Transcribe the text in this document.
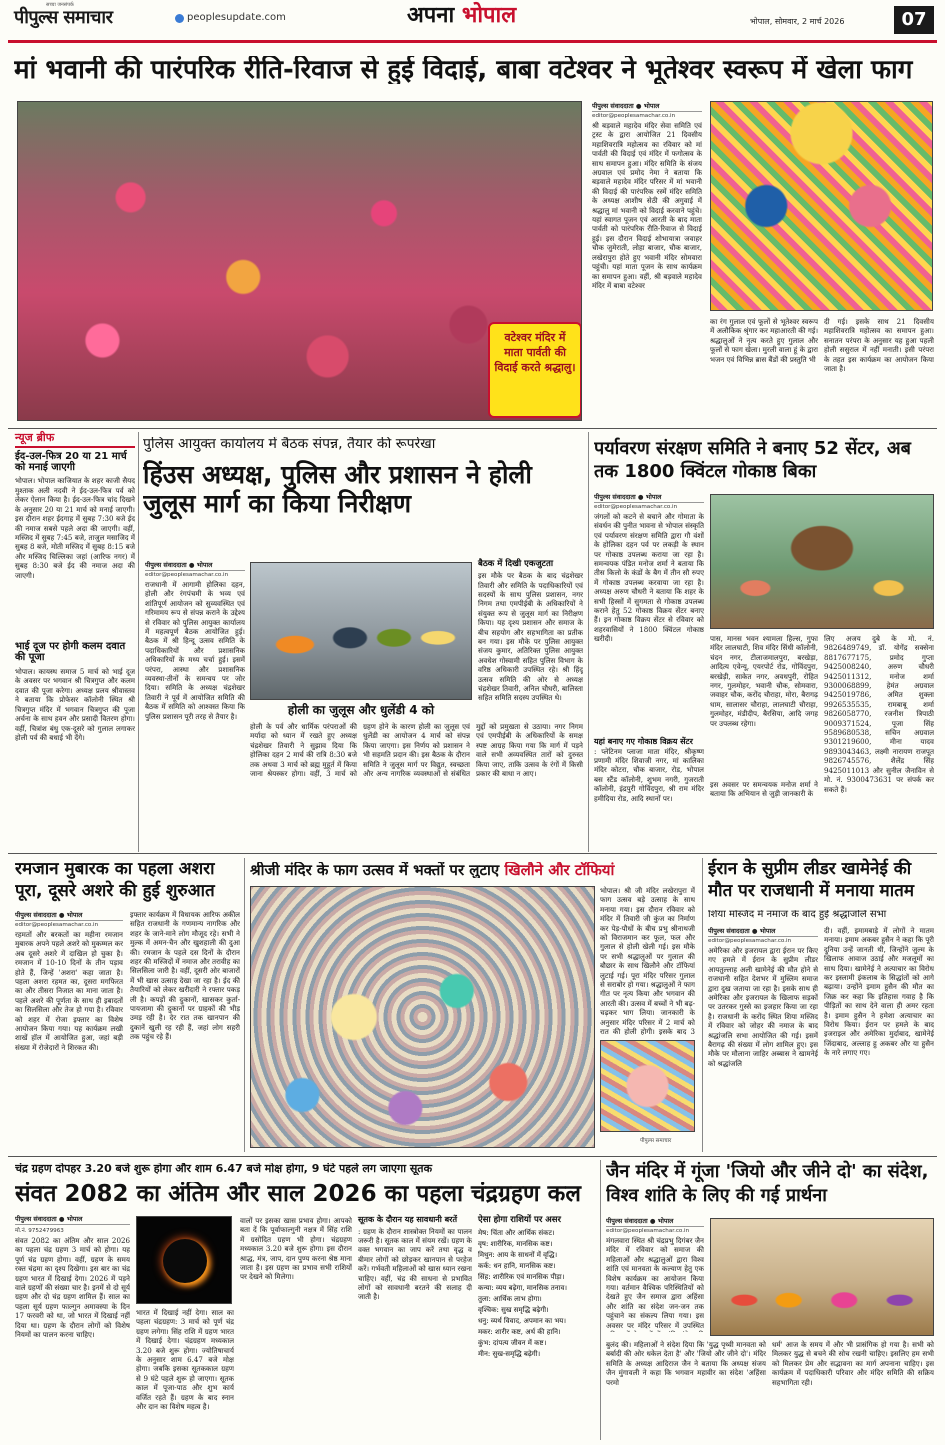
सच्चा जनसंपर्क
पीपुल्स समाचार	peoplesupdate.com	अपना भोपाल	भोपाल, सोमवार, 2 मार्च 2026	07
मां भवानी की पारंपरिक रीति-रिवाज से हुई विदाई, बाबा वटेश्वर ने भूतेश्वर स्वरूप में खेला फाग
वटेश्वर मंदिर में माता पार्वती की विदाई करते श्रद्धालु।
पीपुल्स संवाददाता ● भोपाल
editor@peoplesamachar.co.in
श्री बड़वाले महादेव मंदिर सेवा समिति एवं ट्रस्ट के द्वारा आयोजित 21 दिवसीय महाशिवरात्रि महोत्सव का रविवार को मां पार्वती की विदाई एवं मंदिर में फगोत्सव के साथ समापन हुआ। मंदिर समिति के संजय अग्रवाल एवं प्रमोद नेमा ने बताया कि बड़वाले महादेव मंदिर परिसर में मां भवानी की विदाई की पारंपरिक रस्में मंदिर समिति के अध्यक्ष आशीष सेठी की अगुवाई में श्रद्धालु मां भवानी को विदाई करवाने पहुंचे। यहां स्वागत पूजन एवं आरती के बाद माता पार्वती को पारंपरिक रीति-रिवाज से विदाई हुई। इस दौरान विदाई शोभायात्रा जवाहर चौक जुमेराती, लोहा बाजार, चौक बाजार, लखेरापुरा होते हुए भवानी मंदिर सोमवारा पहुंची। यहां माता पूजन के साथ कार्यक्रम का समापन हुआ। वहीं, श्री बड़वाले महादेव मंदिर में बाबा वटेश्वर
का रंग गुलाल एवं फूलों से भूतेश्वर स्वरूप में अलौकिक श्रृंगार कर महाआरती की गई। श्रद्धालुओं ने नृत्य करते हुए गुलाल और फूलों से फाग खेला। मुरली वाला हूं के द्वारा भजन एवं विभिन्न ब्रास बैंडों की प्रस्तुति भी
दी गई। इसके साथ 21 दिवसीय महाशिवरात्रि महोत्सव का समापन हुआ। सनातन परंपरा के अनुसार यह हुआ पहली होली ससुराल में नहीं मनाती। इसी परंपरा के तहत इस कार्यक्रम का आयोजन किया जाता है।
न्यूज ब्रीफ
ईद-उल-फित्र 20 या 21 मार्च को मनाई जाएगी
भोपाल। भोपाल काजियात के शहर काजी सैयद मुश्ताक अली नदवी ने ईद-उल-फित्र पर्व को लेकर ऐलान किया है। ईद-उल-फित्र चांद दिखने के अनुसार 20 या 21 मार्च को मनाई जाएगी। इस दौरान शहर ईदगाह में सुबह 7:30 बजे ईद की नमाज सबसे पहले अदा की जाएगी। वहीं, मस्जिद में सुबह 7:45 बजे, ताजुल मसाजिद में सुबह 8 बजे, मोती मस्जिद में सुबह 8:15 बजे और मस्जिद चिल्लिका जहां (आरिफ नगर) में सुबह 8:30 बजे ईद की नमाज अदा की जाएगी।
भाई दूज पर होगी कलम दवात की पूजा
भोपाल। कायस्थ समाज 5 मार्च को भाई दूज के अवसर पर भगवान श्री चित्रगुप्त और कलम दवात की पूजा करेगा। अध्यक्ष प्रलय श्रीवास्तव ने बताया कि प्रोफेसर कॉलोनी स्थित श्री चित्रगुप्त मंदिर में भगवान चित्रगुप्त की पूजा अर्चना के साथ हवन और प्रसादी वितरण होगा। वहीं, चित्रांश बंधु एक-दूसरे को गुलाल लगाकर होली पर्व की बधाई भी देंगे।
पुलिस आयुक्त कार्यालय में बैठक संपन्न, तैयार की रूपरेखा
हिंउस अध्यक्ष, पुलिस और प्रशासन ने होली जुलूस मार्ग का किया निरीक्षण
पीपुल्स संवाददाता ● भोपाल
editor@peoplesamachar.co.in
राजधानी में आगामी होलिका दहन, होली और रंगपंचमी के भव्य एवं शांतिपूर्ण आयोजन को सुव्यवस्थित एवं गरिमामय रूप से संपन्न कराने के उद्देश्य से रविवार को पुलिस आयुक्त कार्यालय में महत्वपूर्ण बैठक आयोजित हुई। बैठक में श्री हिन्दू उत्सव समिति के पदाधिकारियों और प्रशासनिक अधिकारियों के मध्य चर्चा हुई। इसमें परंपरा, आस्था और प्रशासनिक व्यवस्था-तीनों के समन्वय पर जोर दिया। समिति के अध्यक्ष चंद्रशेखर तिवारी ने पूर्व में आयोजित समिति की बैठक में समिति को आश्वस्त किया कि पुलिस प्रशासन पूरी तरह से तैयार है।
बैठक में दिखी एकजुटता
इस मौके पर बैठक के बाद चंद्रशेखर तिवारी और समिति के पदाधिकारियों एवं सदस्यों के साथ पुलिस प्रशासन, नगर निगम तथा एमपीईबी के अधिकारियों ने संयुक्त रूप से जुलूस मार्ग का निरीक्षण किया। यह दृश्य प्रशासन और समाज के बीच सहयोग और सहभागिता का प्रतीक बन गया। इस मौके पर पुलिस आयुक्त संजय कुमार, अतिरिक्त पुलिस आयुक्त अवधेश गोस्वामी सहित पुलिस विभाग के वरिष्ठ अधिकारी उपस्थित रहे। श्री हिंदू उत्सव समिति की ओर से अध्यक्ष चंद्रशेखर तिवारी, अनिल चौधरी, बालिस्ता सहित समिति सदस्य उपस्थित थे।
होली का जुलूस और धुलेंडी 4 को
होली के पर्व और धार्मिक परंपराओं की मर्यादा को ध्यान में रखते हुए अध्यक्ष चंद्रशेखर तिवारी ने सुझाव दिया कि होलिका दहन 2 मार्च की रात्रि 8:30 बजे तक अथवा 3 मार्च को ब्रह्म मुहूर्त में किया जाना श्रेयस्कर होगा। वहीं, 3 मार्च को ग्रहण होने के कारण होली का जुलूस एवं धुलेंडी का आयोजन 4 मार्च को संपन्न किया जाएगा। इस निर्णय को प्रशासन ने भी सहमति प्रदान की। इस बैठक के दौरान समिति ने जुलूस मार्ग पर विद्युत, स्वच्छता और अन्य नागरिक व्यवस्थाओं से संबंधित मुद्दों को प्रमुखता से उठाया। नगर निगम एवं एमपीईबी के अधिकारियों के समक्ष स्पष्ट आग्रह किया गया कि मार्ग में पड़ने वाले सभी अव्यवस्थित तारों को दुरुस्त किया जाए, ताकि उत्सव के रंगों में किसी प्रकार की बाधा न आए।
पर्यावरण संरक्षण समिति ने बनाए 52 सेंटर, अब तक 1800 क्विंटल गोकाष्ठ बिका
पीपुल्स संवाददाता ● भोपाल
editor@peoplesamachar.co.in
जंगलों को कटने से बचाने और गोमाता के संवर्धन की पुनीत भावना से भोपाल संस्कृति एवं पर्यावरण संरक्षण समिति द्वारा गौ वंशों के होलिका दहन पर्व पर लकड़ी के स्थान पर गोकाष्ठ उपलब्ध कराया जा रहा है। समन्वयक पंडित मनोज शर्मा ने बताया कि तीस किलो के कंडों के बैग में तीन सौ रुपए में गोकाष्ठ उपलब्ध करवाया जा रहा है। अध्यक्ष अरुण चौधरी ने बताया कि शहर के सभी हिस्सों में सुगमता से गोकाष्ठ उपलब्ध कराने हेतु 52 गोकाष्ठ विक्रय सेंटर बनाए हैं। इन गोकाष्ठ विक्रय सेंटर से रविवार को शहरवासियों ने 1800 क्विंटल गोकाष्ठ खरीदी।
यहां बनाए गए गोकाष्ठ विक्रय सेंटर
: प्लेटिनम प्लाजा माता मंदिर, श्रीकृष्ण प्रणामी मंदिर शिवाजी नगर, मां कालिका मंदिर कोटरा, चौक बाजार, रोड, भोपाल बस स्टैंड कॉलोनी, शुभम नगरी, गुजराती कॉलोनी, इंद्रपुरी गोविंदपुरा, श्री राम मंदिर हमीदिया रोड, आदि स्थानों पर।
पास, मानस भवन श्यामला हिल्स, गुफा मंदिर लालघाटी, शिव मंदिर सिंधी कॉलोनी, चंदन नगर, टीलाजमालपुरा, बरखेड़ा, आदित्य एवेन्यू, एयरपोर्ट रोड, गोविंदपुरा, बरखेड़ी, साकेत नगर, अवधपुरी, रोहित नगर, गुलमोहर, भवानी चौक, सोमवारा, जवाहर चौक, करोंद चौराहा, मोरा, बैरागढ़ धाम, सालासर चौराहा, लालघाटी चौराहा, गुलमोहर, मंडीदीप, बैरसिया, आदि जगह पर उपलब्ध रहेगा।
लिए अजय दुबे के मो. नं. 9826489749, डॉ. योगेंद्र सक्सेना 8817677175, प्रमोद गुप्ता 9425008240, अरुण चौधरी 9425011312, मनोज शर्मा 9300068899, हेमंत अग्रवाल 9425019786, अमित शुक्ला 9926535535, रामबाबू शर्मा 9826058770, रजनीश त्रिपाठी 9009371524, पूजा सिंह 9589680538, सचिन अग्रवाल 9301219600, मीना यादव 9893043463, लक्ष्मी नारायण राजपूत 9826745576, शैलेंद्र सिंह 9425011013 और सुनील जैनाविन से मो. नं. 9300473631 पर संपर्क कर सकते हैं।
इस अवसर पर समन्वयक मनोज शर्मा ने बताया कि अभियान से जुड़ी जानकारी के
रमजान मुबारक का पहला अशरा पूरा, दूसरे अशरे की हुई शुरुआत
पीपुल्स संवाददाता ● भोपाल
editor@peoplesamachar.co.in
रहमतों और बरकतों का महीना रमजान मुबारक अपने पहले अशरे को मुकम्मल कर अब दूसरे अशरे में दाखिल हो चुका है। रमजान में 10-10 दिनों के तीन पड़ाव होते हैं, जिन्हें 'अशरा' कहा जाता है। पहला अशरा रहमत का, दूसरा मगफिरत का और तीसरा निजात का माना जाता है। पहले अशरे की पूर्णता के साथ ही इबादतों का सिलसिला और तेज हो गया है। रविवार को शहर में रोजा इफ्तार का विशेष आयोजन किया गया। यह कार्यक्रम लखी शाखें हॉल में आयोजित हुआ, जहां बड़ी संख्या में रोजेदारों ने शिरकत की।
इफ्तार कार्यक्रम में विधायक आरिफ अकील सहित राजधानी के गणमान्य नागरिक और शहर के जाने-माने लोग मौजूद रहे। सभी ने मुल्क में अमन-चैन और खुशहाली की दुआ की। रमजान के पहले दस दिनों के दौरान शहर की मस्जिदों में नमाज और तरावीह का सिलसिला जारी है। वहीं, दूसरी ओर बाजारों में भी खास उत्साह देखा जा रहा है। ईद की तैयारियों को लेकर खरीदारी ने रफ्तार पकड़ ली है। कपड़ों की दुकानों, खासकर कुर्ता-पायजामा की दुकानों पर ग्राहकों की भीड़ उमड़ रही है। देर रात तक खानपान की दुकानें खुली रह रही हैं, जहां लोग सहरी तक पहुंच रहे हैं।
श्रीजी मंदिर के फाग उत्सव में भक्तों पर लुटाए खिलौने और टॉफियां
पीपुल्स समाचार
भोपाल। श्री जी मंदिर लखेरापुरा में फाग उत्सव बड़े उत्साह के साथ मनाया गया। इस दौरान रविवार को मंदिर में तिवारी जी कुंज का निर्माण कर पेड़-पौधों के बीच प्रभु श्रीनाथजी को विराजमान कर फूल, फल और गुलाल से होली खेली गई। इस मौके पर सभी श्रद्धालुओं पर गुलाल की बौछार के साथ खिलौने और टॉफियां लुटाई गई। पूरा मंदिर परिसर गुलाल से सराबोर हो गया। श्रद्धालुओं ने फाग गीत पर नृत्य किया और भगवान की आरती की। उत्सव में बच्चों ने भी बढ़-चढ़कर भाग लिया। जानकारी के अनुसार मंदिर परिसर में 2 मार्च को रात की होली होगी। इसके बाद 3
ईरान के सुप्रीम लीडर खामेनेई की मौत पर राजधानी में मनाया मातम
शिया मस्जिद में नमाज के बाद हुई श्रद्धांजलि सभा
पीपुल्स संवाददाता ● भोपाल
editor@peoplesamachar.co.in
अमेरिका और इजरायल द्वारा ईरान पर किए गए हमले में ईरान के सुप्रीम लीडर आयतुल्लाह अली खामेनेई की मौत होने से राजधानी सहित देशभर में मुस्लिम समाज द्वारा दुख जताया जा रहा है। इसके साथ ही अमेरिका और इजरायल के खिलाफ सड़कों पर उतरकर गुस्से का इजहार किया जा रहा है। राजधानी के करोंद स्थित शिया मस्जिद में रविवार को जोहर की नमाज के बाद श्रद्धांजलि सभा आयोजित की गई। इसमें बैरागढ़ की संख्या में लोग शामिल हुए। इस मौके पर मौलाना जाहिर अब्बास ने खामनेई को श्रद्धांजलि
दी। वहीं, इमामबाड़े में लोगों ने मातम मनाया। इमाम अकबर हुसैन ने कहा कि पूरी दुनिया उन्हें जानती थी, जिन्होंने जुल्म के खिलाफ आवाज उठाई और मजलूमों का साथ दिया। खामेनेई ने अत्याचार का विरोध कर इस्लामी इंकलाब के सिद्धांतों को आगे बढ़ाया। उन्होंने इमाम हुसैन की मौत का जिक्र कर कहा कि इतिहास गवाह है कि पीड़ितों का साथ देने वाला ही अमर रहता है। इमाम हुसैन ने हमेशा अत्याचार का विरोध किया। ईरान पर हमले के बाद इजराइल और अमेरिका मुर्दाबाद, खामेनेई जिंदाबाद, अल्लाह हु अकबर और या हुसैन के नारे लगाए गए।
चंद्र ग्रहण दोपहर 3.20 बजे शुरू होगा और शाम 6.47 बजे मोक्ष होगा, 9 घंटे पहले लग जाएगा सूतक
संवत 2082 का अंतिम और साल 2026 का पहला चंद्रग्रहण कल
पीपुल्स संवाददाता ● भोपाल
मो.नं. 9752479963
संवत 2082 का अंतिम और साल 2026 का पहला चंद्र ग्रहण 3 मार्च को होगा। यह पूर्ण चंद्र ग्रहण होगा। वहीं, ग्रहण के समय रक्त चंद्रमा का दृश्य दिखेगा। इस बार का चंद्र ग्रहण भारत में दिखाई देगा। 2026 में पड़ने वाले ग्रहणों की संख्या चार है। इनमें से दो सूर्य ग्रहण और दो चंद्र ग्रहण शामिल हैं। साल का पहला सूर्य ग्रहण फाल्गुन अमावस्या के दिन 17 फरवरी को था, जो भारत में दिखाई नहीं दिया था। ग्रहण के दौरान लोगों को विशेष नियमों का पालन करना चाहिए।
भारत में दिखाई नहीं देगा। साल का पहला चंद्रग्रहण: 3 मार्च को पूर्ण चंद्र ग्रहण लगेगा। सिंह राशि में ग्रहण भारत में दिखाई देगा। चंद्रग्रहण मध्यकाल 3.20 बजे शुरू होगा। ज्योतिषाचार्य के अनुसार शाम 6.47 बजे मोक्ष होगा। जबकि इसका सूतककाल ग्रहण से 9 घंटे पहले शुरू हो जाएगा। सूतक काल में पूजा-पाठ और शुभ कार्य वर्जित रहते हैं। ग्रहण के बाद स्नान और दान का विशेष महत्व है।
वालों पर इसका खास प्रभाव होगा। आपको बता दें कि पूर्वाफाल्गुनी नक्षत्र में सिंह राशि में ग्रसोदित ग्रहण भी होगा। चंद्रग्रहण मध्यकाल 3.20 बजे शुरू होगा। इस दौरान श्राद्ध, मंत्र, जाप, दान पुण्य करना श्रेष्ठ माना जाता है। इस ग्रहण का प्रभाव सभी राशियों पर देखने को मिलेगा।
सूतक के दौरान यह सावधानी बरतें
: ग्रहण के दौरान शास्त्रोक्त नियमों का पालन जरूरी है। सूतक काल में संयम रखें। ग्रहण के वक्त भगवान का जाप करें तथा वृद्ध व बीमार लोगों को छोड़कर खानपान से परहेज करें। गर्भवती महिलाओं को खास ध्यान रखना चाहिए। वहीं, चंद्र की साधना से प्रभावित लोगों को सावधानी बरतने की सलाह दी जाती है।
ऐसा होगा राशियों पर असर
मेष: चिंता और आर्थिक संकट।
वृष: शारीरिक, मानसिक कष्ट।
मिथुन: आय के साधनों में वृद्धि।
कर्क: धन हानि, मानसिक कष्ट।
सिंह: शारीरिक एवं मानसिक पीड़ा।
कन्या: व्यय बढ़ेगा, मानसिक तनाव।
तुला: आर्थिक लाभ होगा।
वृश्चिक: सुख समृद्धि बढ़ेगी।
धनु: व्यर्थ विवाद, अपमान का भय।
मकर: शारीर कष्ट, अर्थ की हानि।
कुंभ: दांपत्य जीवन में कष्ट।
मीन: सुख-समृद्धि बढ़ेगी।
जैन मंदिर में गूंजा 'जियो और जीने दो' का संदेश, विश्व शांति के लिए की गई प्रार्थना
पीपुल्स संवाददाता ● भोपाल
editor@peoplesamachar.co.in
मंगलवारा स्थित श्री चंद्रप्रभु दिगंबर जैन मंदिर में रविवार को समाज की महिलाओं और श्रद्धालुओं द्वारा विश्व शांति एवं मानवता के कल्याण हेतु एक विशेष कार्यक्रम का आयोजन किया गया। वर्तमान वैश्विक परिस्थितियों को देखते हुए जैन समाज द्वारा अहिंसा और शांति का संदेश जन-जन तक पहुंचाने का संकल्प लिया गया। इस अवसर पर मंदिर परिसर में उपस्थित
बुलंद की। महिलाओं ने संदेश दिया कि 'युद्ध पृथ्वी मानवता को बर्बादी की ओर धकेल देता है' और 'जियो और जीने दो'। मंदिर समिति के अध्यक्ष आदिराज जैन ने बताया कि अध्यक्ष संजय जैन मुंगावली ने कहा कि भगवान महावीर का संदेश 'अहिंसा परमो
धर्म' आज के समय में और भी प्रासंगिक हो गया है। सभी को मिलकर युद्ध से बचने की सोच रखनी चाहिए। इसलिए हम सभी को मिलकर प्रेम और सद्भावना का मार्ग अपनाना चाहिए। इस कार्यक्रम में पदाधिकारी परिवार और मंदिर समिति की सक्रिय सहभागिता रही।
